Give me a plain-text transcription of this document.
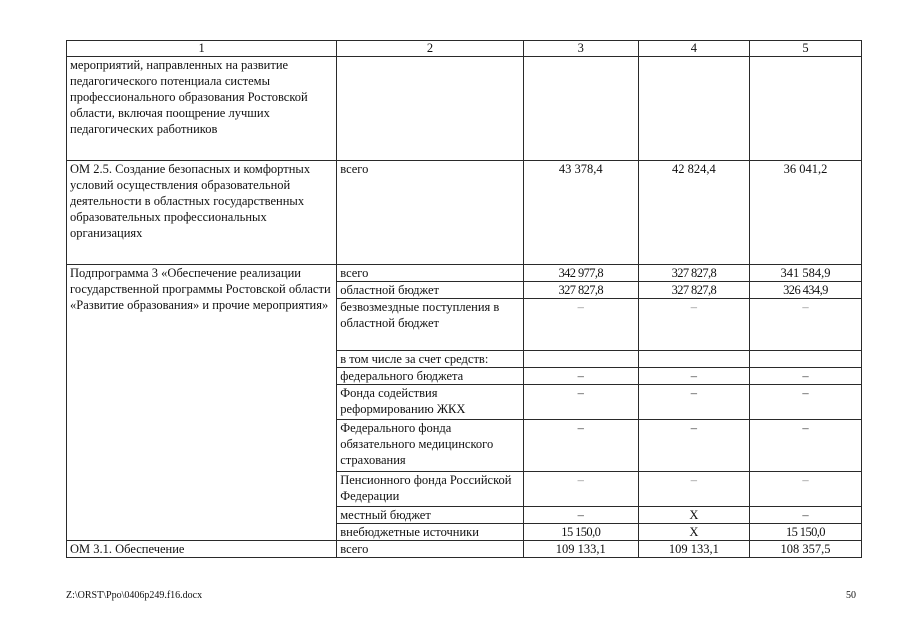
1	2	3	4	5
мероприятий, направленных на развитие педагогического потенциала системы профессионального образования Ростовской области, включая поощрение лучших педагогических работников				
ОМ 2.5. Создание безопасных и комфортных условий осуществления образовательной деятельности в областных государственных образовательных профессиональных организациях	всего	43 378,4	42 824,4	36 041,2
Подпрограмма 3 «Обеспечение реализации государственной программы Ростовской области «Развитие образования» и прочие мероприятия»	всего	342 977,8	327 827,8	341 584,9
	областной бюджет	327 827,8	327 827,8	326 434,9
	безвозмездные поступления в областной бюджет	–	–	–
	в том числе за счет средств:			
	федерального бюджета	–	–	–
	Фонда содействия реформированию ЖКХ	–	–	–
	Федерального фонда обязательного медицинского страхования	–	–	–
	Пенсионного фонда Российской Федерации	–	–	–
	местный бюджет	–	Х	–
	внебюджетные источники	15 150,0	Х	15 150,0
ОМ 3.1. Обеспечение	всего	109 133,1	109 133,1	108 357,5
Z:\ORST\Ppo\0406p249.f16.docx	50
